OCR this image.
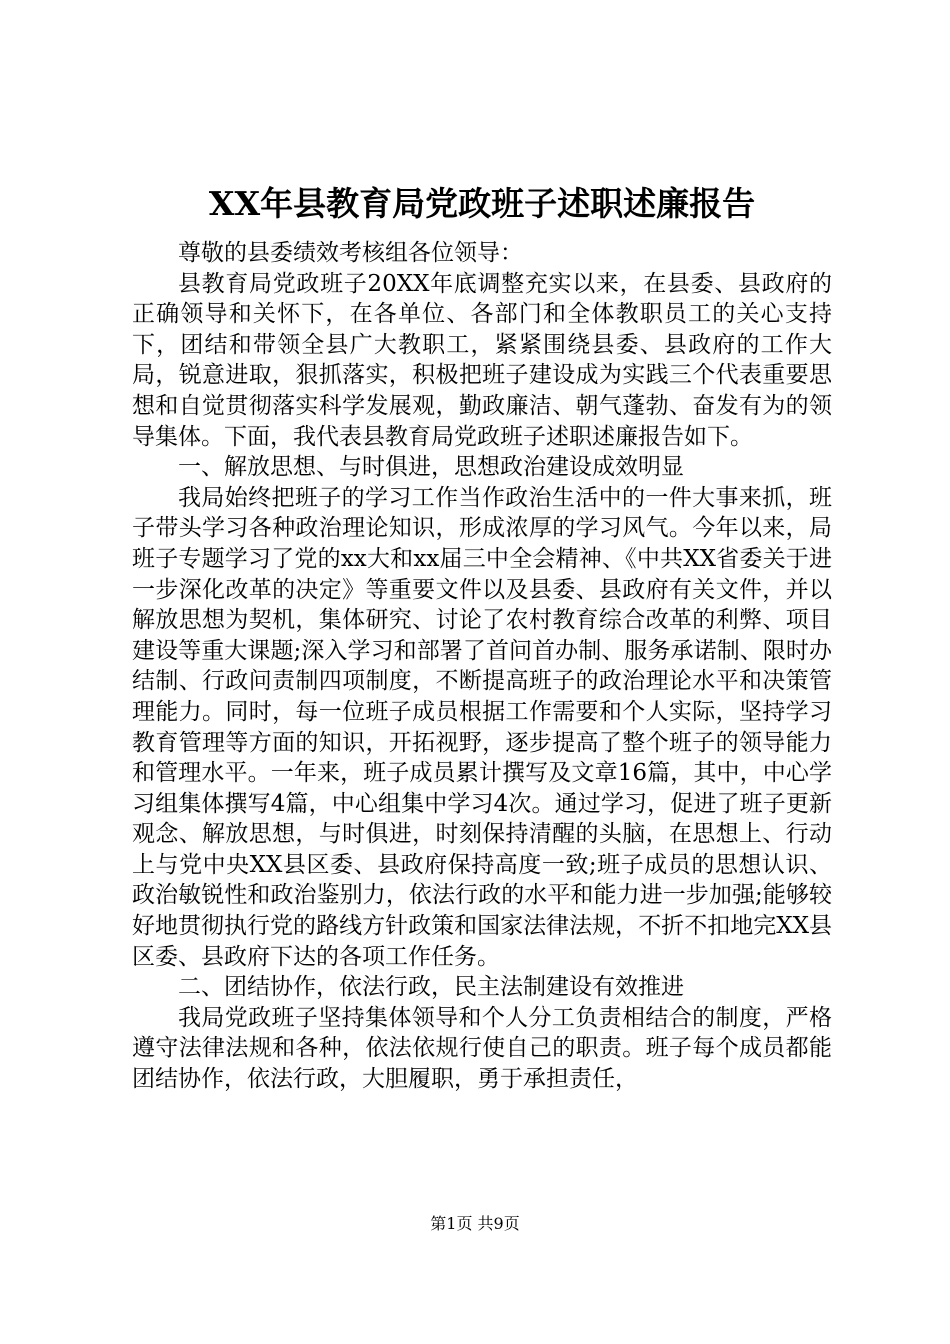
XX年县教育局党政班子述职述廉报告

尊敬的县委绩效考核组各位领导：

县教育局党政班子20XX年底调整充实以来，在县委、县政府的正确领导和关怀下，在各单位、各部门和全体教职员工的关心支持下，团结和带领全县广大教职工，紧紧围绕县委、县政府的工作大局，锐意进取，狠抓落实，积极把班子建设成为实践三个代表重要思想和自觉贯彻落实科学发展观，勤政廉洁、朝气蓬勃、奋发有为的领导集体。下面，我代表县教育局党政班子述职述廉报告如下。

一、解放思想、与时俱进，思想政治建设成效明显

我局始终把班子的学习工作当作政治生活中的一件大事来抓，班子带头学习各种政治理论知识，形成浓厚的学习风气。今年以来，局班子专题学习了党的xx大和xx届三中全会精神、《中共XX省委关于进一步深化改革的决定》等重要文件以及县委、县政府有关文件，并以解放思想为契机，集体研究、讨论了农村教育综合改革的利弊、项目建设等重大课题;深入学习和部署了首问首办制、服务承诺制、限时办结制、行政问责制四项制度，不断提高班子的政治理论水平和决策管理能力。同时，每一位班子成员根据工作需要和个人实际，坚持学习教育管理等方面的知识，开拓视野，逐步提高了整个班子的领导能力和管理水平。一年来，班子成员累计撰写及文章16篇，其中，中心学习组集体撰写4篇，中心组集中学习4次。通过学习，促进了班子更新观念、解放思想，与时俱进，时刻保持清醒的头脑，在思想上、行动上与党中央XX县区委、县政府保持高度一致;班子成员的思想认识、政治敏锐性和政治鉴别力，依法行政的水平和能力进一步加强;能够较好地贯彻执行党的路线方针政策和国家法律法规，不折不扣地完XX县区委、县政府下达的各项工作任务。

二、团结协作，依法行政，民主法制建设有效推进

我局党政班子坚持集体领导和个人分工负责相结合的制度，严格遵守法律法规和各种，依法依规行使自己的职责。班子每个成员都能团结协作，依法行政，大胆履职，勇于承担责任，

第1页 共9页
